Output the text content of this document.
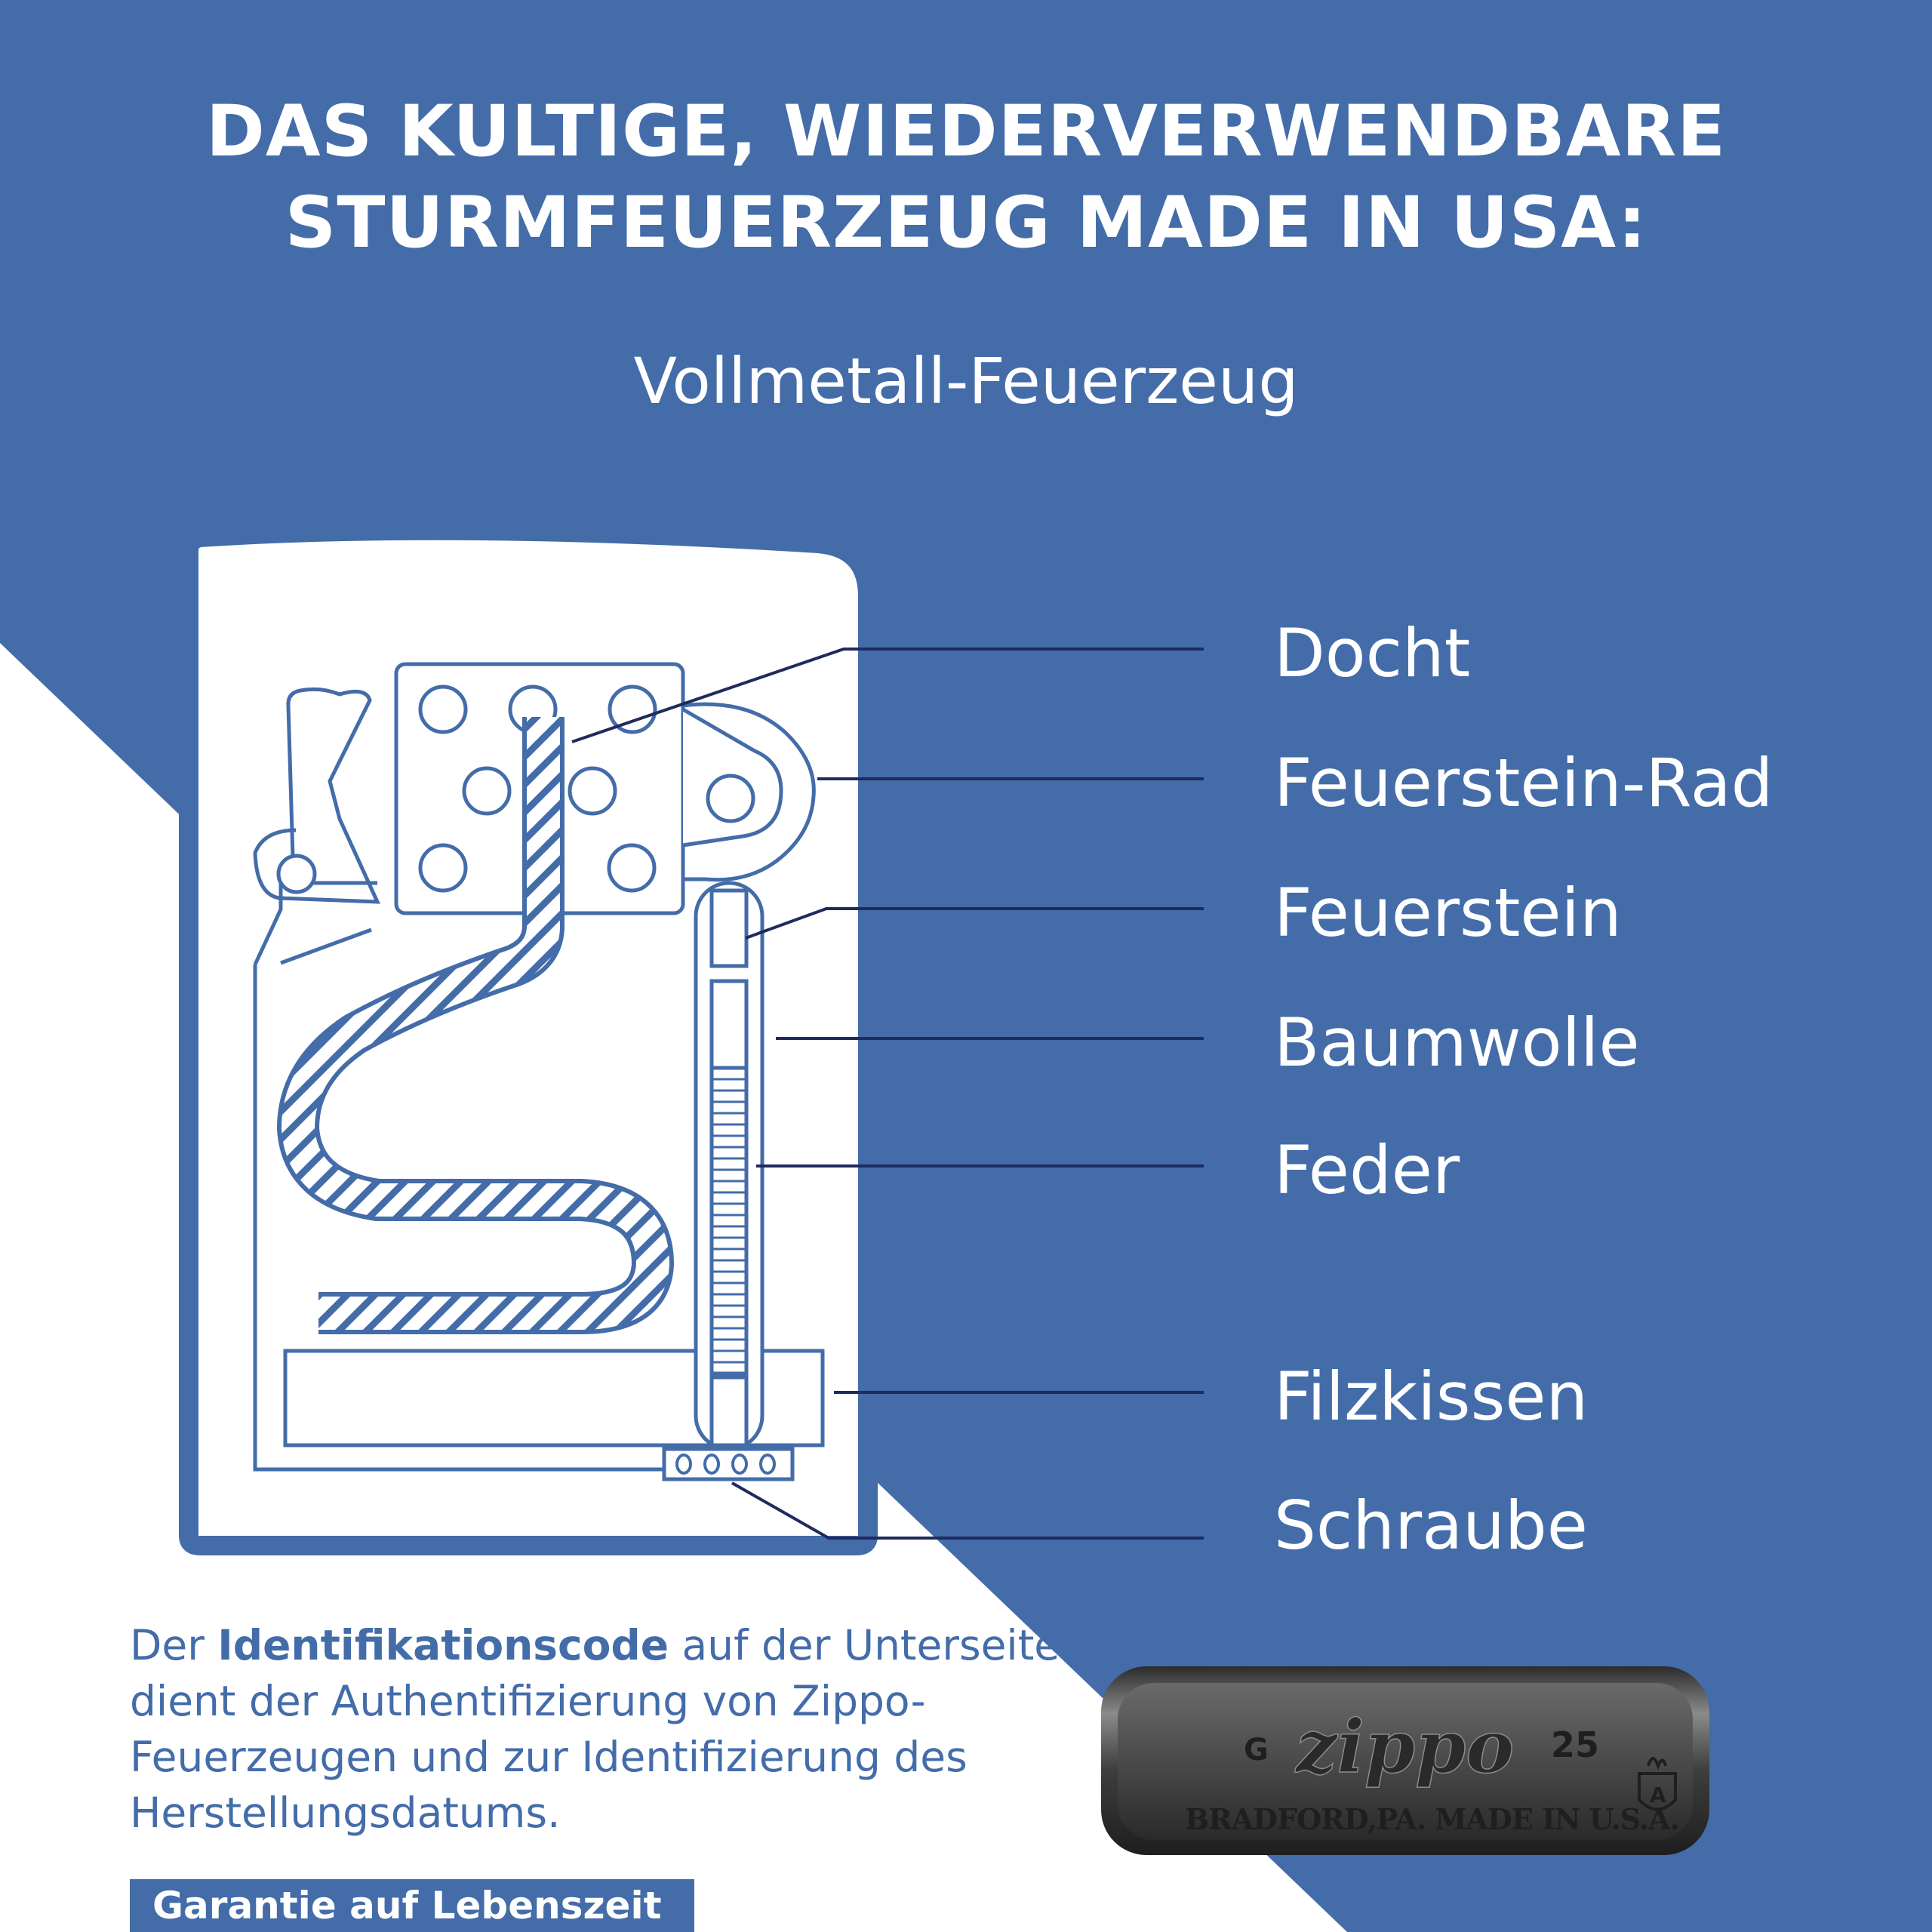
DAS KULTIGE, WIEDERVERWENDBARE
STURMFEUERZEUG MADE IN USA:
Vollmetall-Feuerzeug
Docht
Feuerstein-Rad
Feuerstein
Baumwolle
Feder
Filzkissen
Schraube
Der Identifikationscode auf der Unterseite dient der Authentifizierung von Zippo-Feuerzeugen und zur Identifizierung des Herstellungsdatums.
Garantie auf Lebenszeit
G zippo 25
BRADFORD,PA. MADE IN U.S.A.
A
